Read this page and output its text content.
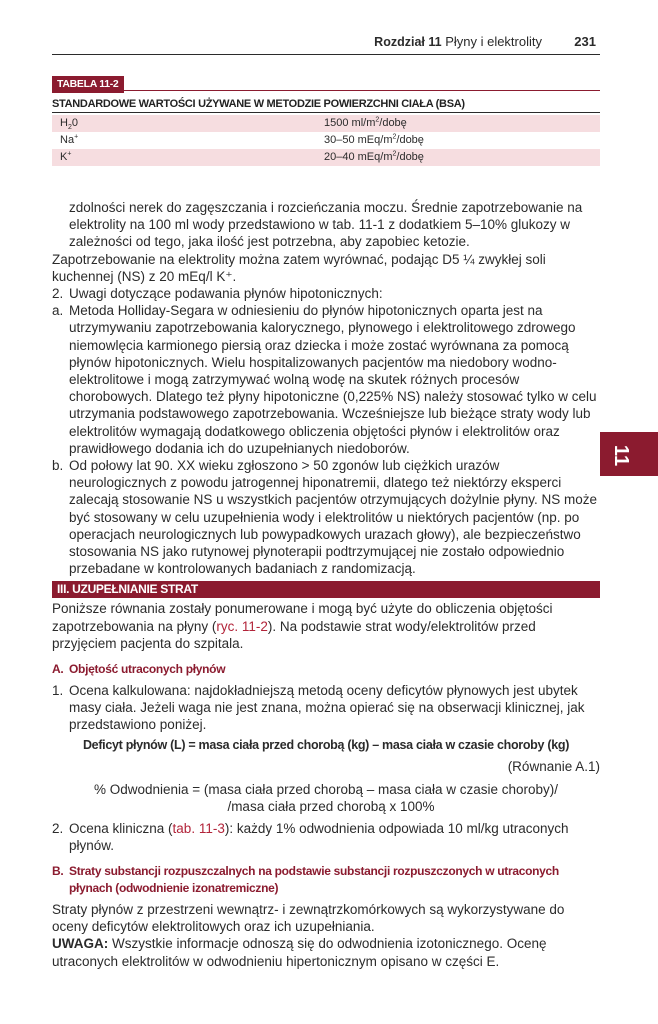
Rozdział 11 Płyny i elektrolity 231
TABELA 11-2
STANDARDOWE WARTOŚCI UŻYWANE W METODZIE POWIERZCHNI CIAŁA (BSA)
$H_20$	1500 $ml/m^2$/dobę
Na+	30–50 mEq/$m^2$/dobę
K+	20–40 mEq/$m^2$/dobę
11

zdolności nerek do zagęszczania i rozcieńczania moczu. Średnie zapotrzebowanie na elektrolity na 100 ml wody przedstawiono w tab. 11-1 z dodatkiem 5–10% glukozy w zależności od tego, jaka ilość jest potrzebna, aby zapobiec ketozie.

Zapotrzebowanie na elektrolity można zatem wyrównać, podając D5 ¼ zwykłej soli kuchennej (NS) z 20 mEq/l K⁺.

2. Uwagi dotyczące podawania płynów hipotonicznych:
a. Metoda Holliday-Segara w odniesieniu do płynów hipotonicznych oparta jest na utrzymywaniu zapotrzebowania kalorycznego, płynowego i elektrolitowego zdrowego niemowlęcia karmionego piersią oraz dziecka i może zostać wyrównana za pomocą płynów hipotonicznych. Wielu hospitalizowanych pacjentów ma niedobory wodno-elektrolitowe i mogą zatrzymywać wolną wodę na skutek różnych procesów chorobowych. Dlatego też płyny hipotoniczne (0,225% NS) należy stosować tylko w celu utrzymania podstawowego zapotrzebowania. Wcześniejsze lub bieżące straty wody lub elektrolitów wymagają dodatkowego obliczenia objętości płynów i elektrolitów oraz prawidłowego dodania ich do uzupełnianych niedoborów.
b. Od połowy lat 90. XX wieku zgłoszono > 50 zgonów lub ciężkich urazów neurologicznych z powodu jatrogennej hiponatremii, dlatego też niektórzy eksperci zalecają stosowanie NS u wszystkich pacjentów otrzymujących dożylnie płyny. NS może być stosowany w celu uzupełnienia wody i elektrolitów u niektórych pacjentów (np. po operacjach neurologicznych lub powypadkowych urazach głowy), ale bezpieczeństwo stosowania NS jako rutynowej płynoterapii podtrzymującej nie zostało odpowiednio przebadane w kontrolowanych badaniach z randomizacją.
III. UZUPEŁNIANIE STRAT

Poniższe równania zostały ponumerowane i mogą być użyte do obliczenia objętości zapotrzebowania na płyny (ryc. 11-2). Na podstawie strat wody/elektrolitów przed przyjęciem pacjenta do szpitala.

A. Objętość utraconych płynów
1. Ocena kalkulowana: najdokładniejszą metodą oceny deficytów płynowych jest ubytek masy ciała. Jeżeli waga nie jest znana, można opierać się na obserwacji klinicznej, jak przedstawiono poniżej.
Deficyt płynów (L) = masa ciała przed chorobą (kg) – masa ciała w czasie choroby (kg)
(Równanie A.1)
% Odwodnienia = (masa ciała przed chorobą – masa ciała w czasie choroby)/
/masa ciała przed chorobą x 100%
2. Ocena kliniczna (tab. 11-3): każdy 1% odwodnienia odpowiada 10 ml/kg utraconych płynów.
B. Straty substancji rozpuszczalnych na podstawie substancji rozpuszczonych w utraconych płynach (odwodnienie izonatremiczne)

Straty płynów z przestrzeni wewnątrz- i zewnątrzkomórkowych są wykorzystywane do oceny deficytów elektrolitowych oraz ich uzupełniania.

UWAGA: Wszystkie informacje odnoszą się do odwodnienia izotonicznego. Ocenę utraconych elektrolitów w odwodnieniu hipertonicznym opisano w części E.
